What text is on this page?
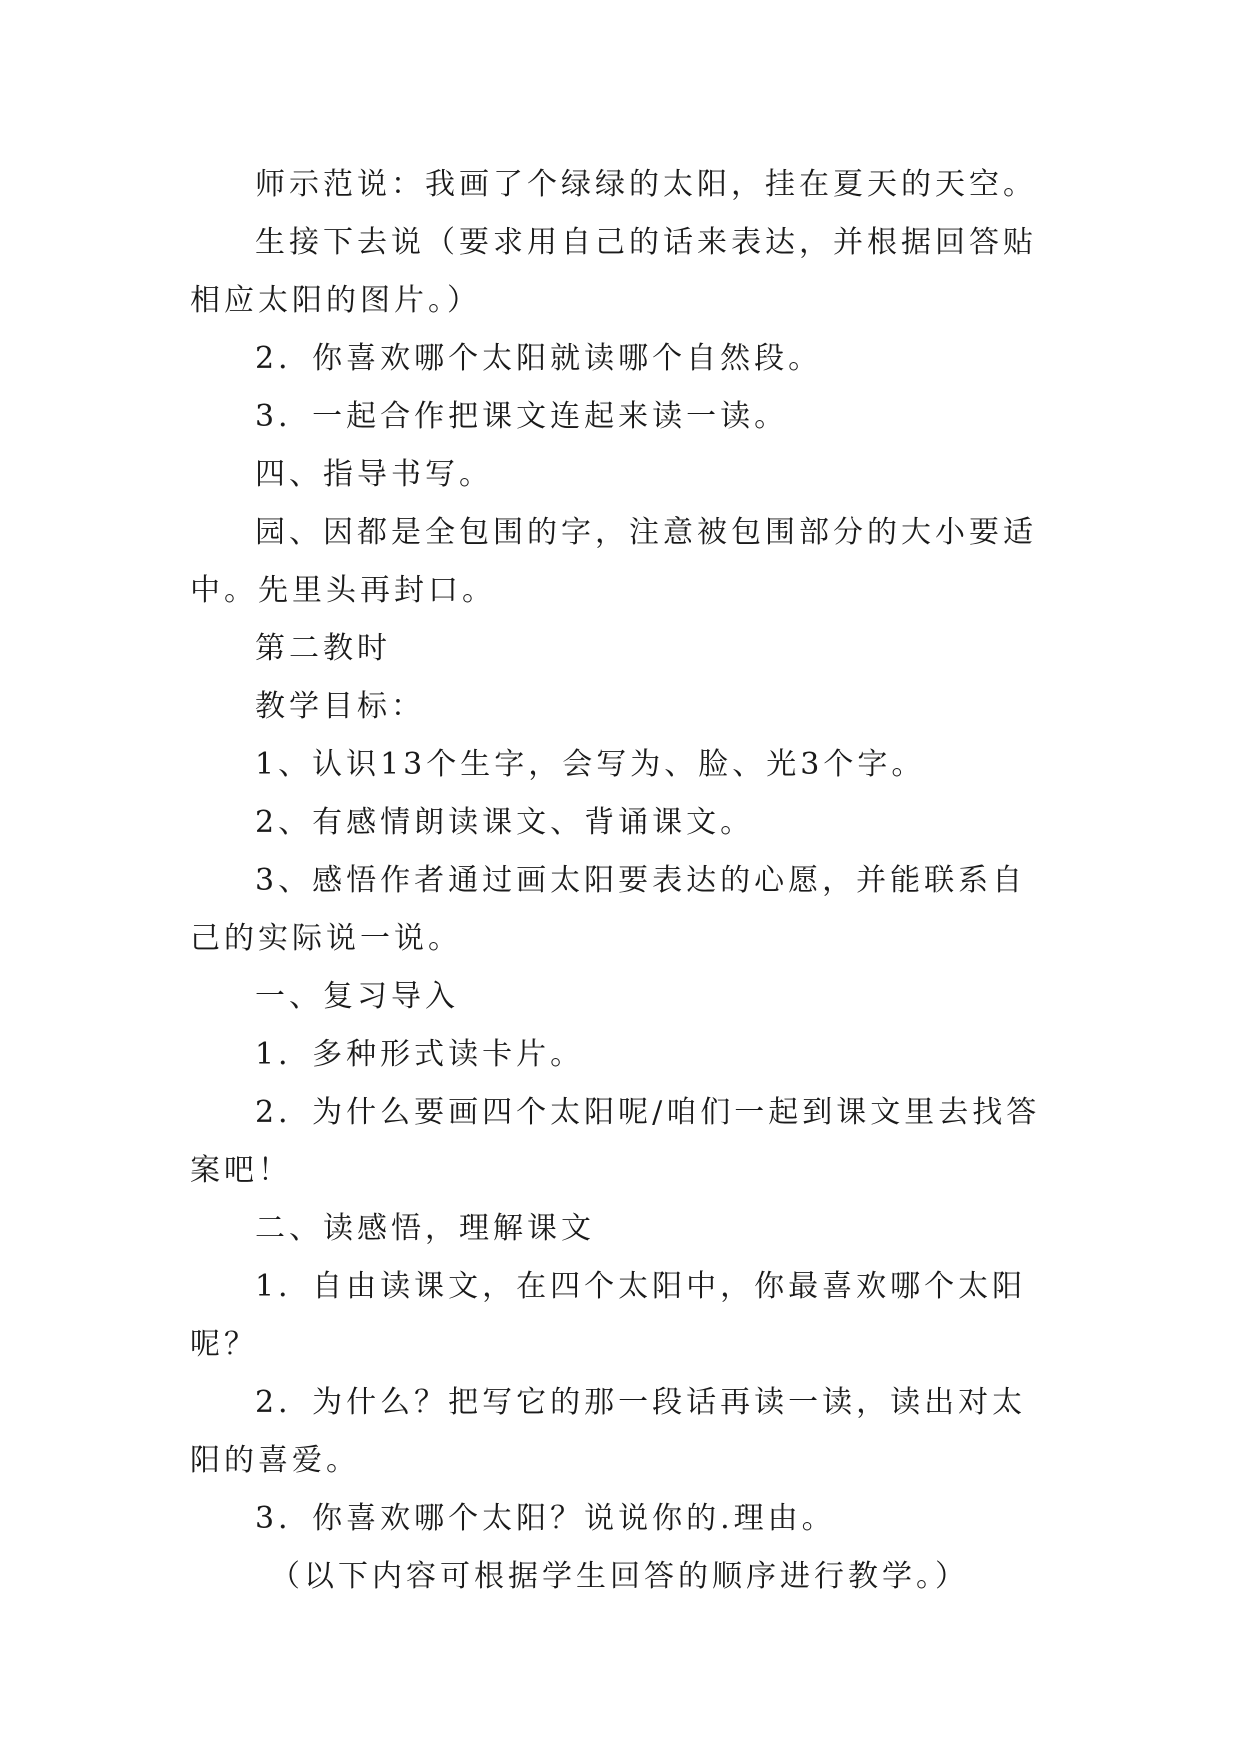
师示范说：我画了个绿绿的太阳，挂在夏天的天空。

生接下去说（要求用自己的话来表达，并根据回答贴相应太阳的图片。）

2．你喜欢哪个太阳就读哪个自然段。

3．一起合作把课文连起来读一读。

四、指导书写。

园、因都是全包围的字，注意被包围部分的大小要适中。先里头再封口。

第二教时

教学目标：

1、认识13个生字，会写为、脸、光3个字。

2、有感情朗读课文、背诵课文。

3、感悟作者通过画太阳要表达的心愿，并能联系自己的实际说一说。

一、复习导入

1．多种形式读卡片。

2．为什么要画四个太阳呢/咱们一起到课文里去找答案吧！

二、读感悟，理解课文

1．自由读课文，在四个太阳中，你最喜欢哪个太阳呢？

2．为什么？把写它的那一段话再读一读，读出对太阳的喜爱。

3．你喜欢哪个太阳？说说你的.理由。

（以下内容可根据学生回答的顺序进行教学。）
